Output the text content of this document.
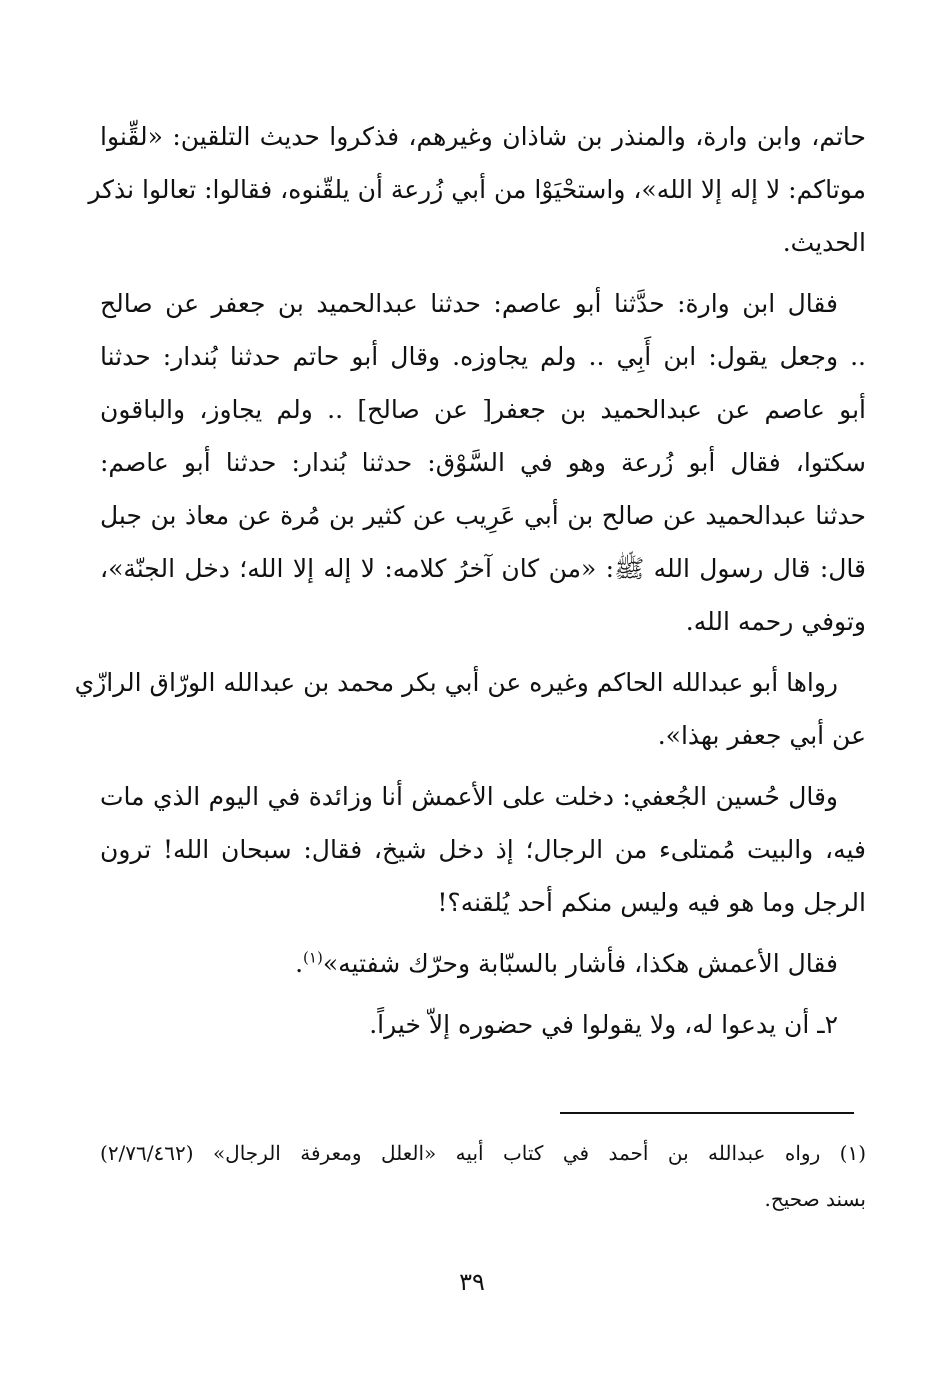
حاتم، وابن وارة، والمنذر بن شاذان وغيرهم، فذكروا حديث التلقين: «لقِّنوا
موتاكم: لا إله إلا الله»، واستحْيَوْا من أبي زُرعة أن يلقّنوه، فقالوا: تعالوا نذكر
الحديث.
فقال ابن وارة: حدَّثنا أبو عاصم: حدثنا عبدالحميد بن جعفر عن صالح
.. وجعل يقول: ابن أَبِي .. ولم يجاوزه. وقال أبو حاتم حدثنا بُندار: حدثنا
أبو عاصم عن عبدالحميد بن جعفر[ عن صالح] .. ولم يجاوز، والباقون
سكتوا، فقال أبو زُرعة وهو في السَّوْق: حدثنا بُندار: حدثنا أبو عاصم:
حدثنا عبدالحميد عن صالح بن أبي عَرِيب عن كثير بن مُرة عن معاذ بن جبل
قال: قال رسول الله ﷺ: «من كان آخرُ كلامه: لا إله إلا الله؛ دخل الجنّة»،
وتوفي رحمه الله.
رواها أبو عبدالله الحاكم وغيره عن أبي بكر محمد بن عبدالله الورّاق الرازّي
عن أبي جعفر بهذا».
وقال حُسين الجُعفي: دخلت على الأعمش أنا وزائدة في اليوم الذي مات
فيه، والبيت مُمتلىء من الرجال؛ إذ دخل شيخ، فقال: سبحان الله! ترون
الرجل وما هو فيه وليس منكم أحد يُلقنه؟!
فقال الأعمش هكذا، فأشار بالسبّابة وحرّك شفتيه»$^{(١)}$.
٢ـ أن يدعوا له، ولا يقولوا في حضوره إلاّ خيراً.
(١) رواه عبدالله بن أحمد في كتاب أبيه «العلل ومعرفة الرجال» (٢/٧٦/٤٦٢)
بسند صحيح.
٣٩
